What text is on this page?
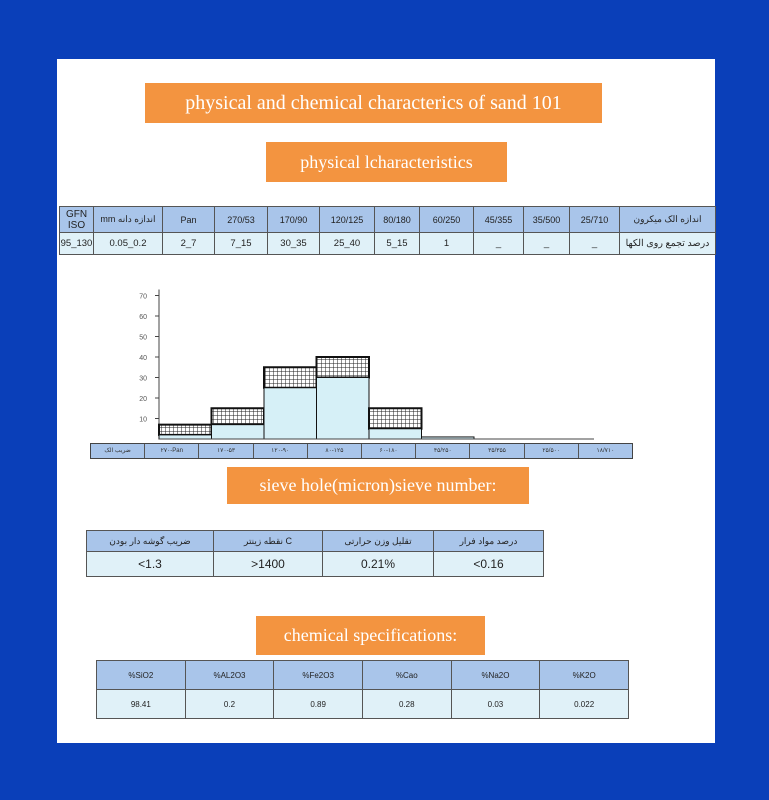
physical and chemical characterics of sand 101
physical lcharacteristics
GFN ISO	mm اندازه دانه	Pan	270/53	170/90	120/125	80/180	60/250	45/355	35/500	25/710	اندازه الک میکرون
95_130	0.05_0.2	2_7	7_15	30_35	25_40	5_15	1	_	_	_	درصد تجمع روی الکها
10
20
30
40
50
60
70
ضریب الک	۲۷۰-Pan	۱۷۰-۵۳	۱۲۰-۹۰	۸۰-۱۲۵	۶۰-۱۸۰	۴۵/۲۵۰	۳۵/۳۵۵	۲۵/۵۰۰	۱۸/۷۱۰
sieve hole(micron)sieve number:
ضریب گوشه دار بودن	نقطه زینتر C	تقلیل وزن حرارتی	درصد مواد فرار
<1.3	>1400	0.21%	<0.16
chemical specifications:
%SiO2	%AL2O3	%Fe2O3	%Cao	%Na2O	%K2O
98.41	0.2	0.89	0.28	0.03	0.022
